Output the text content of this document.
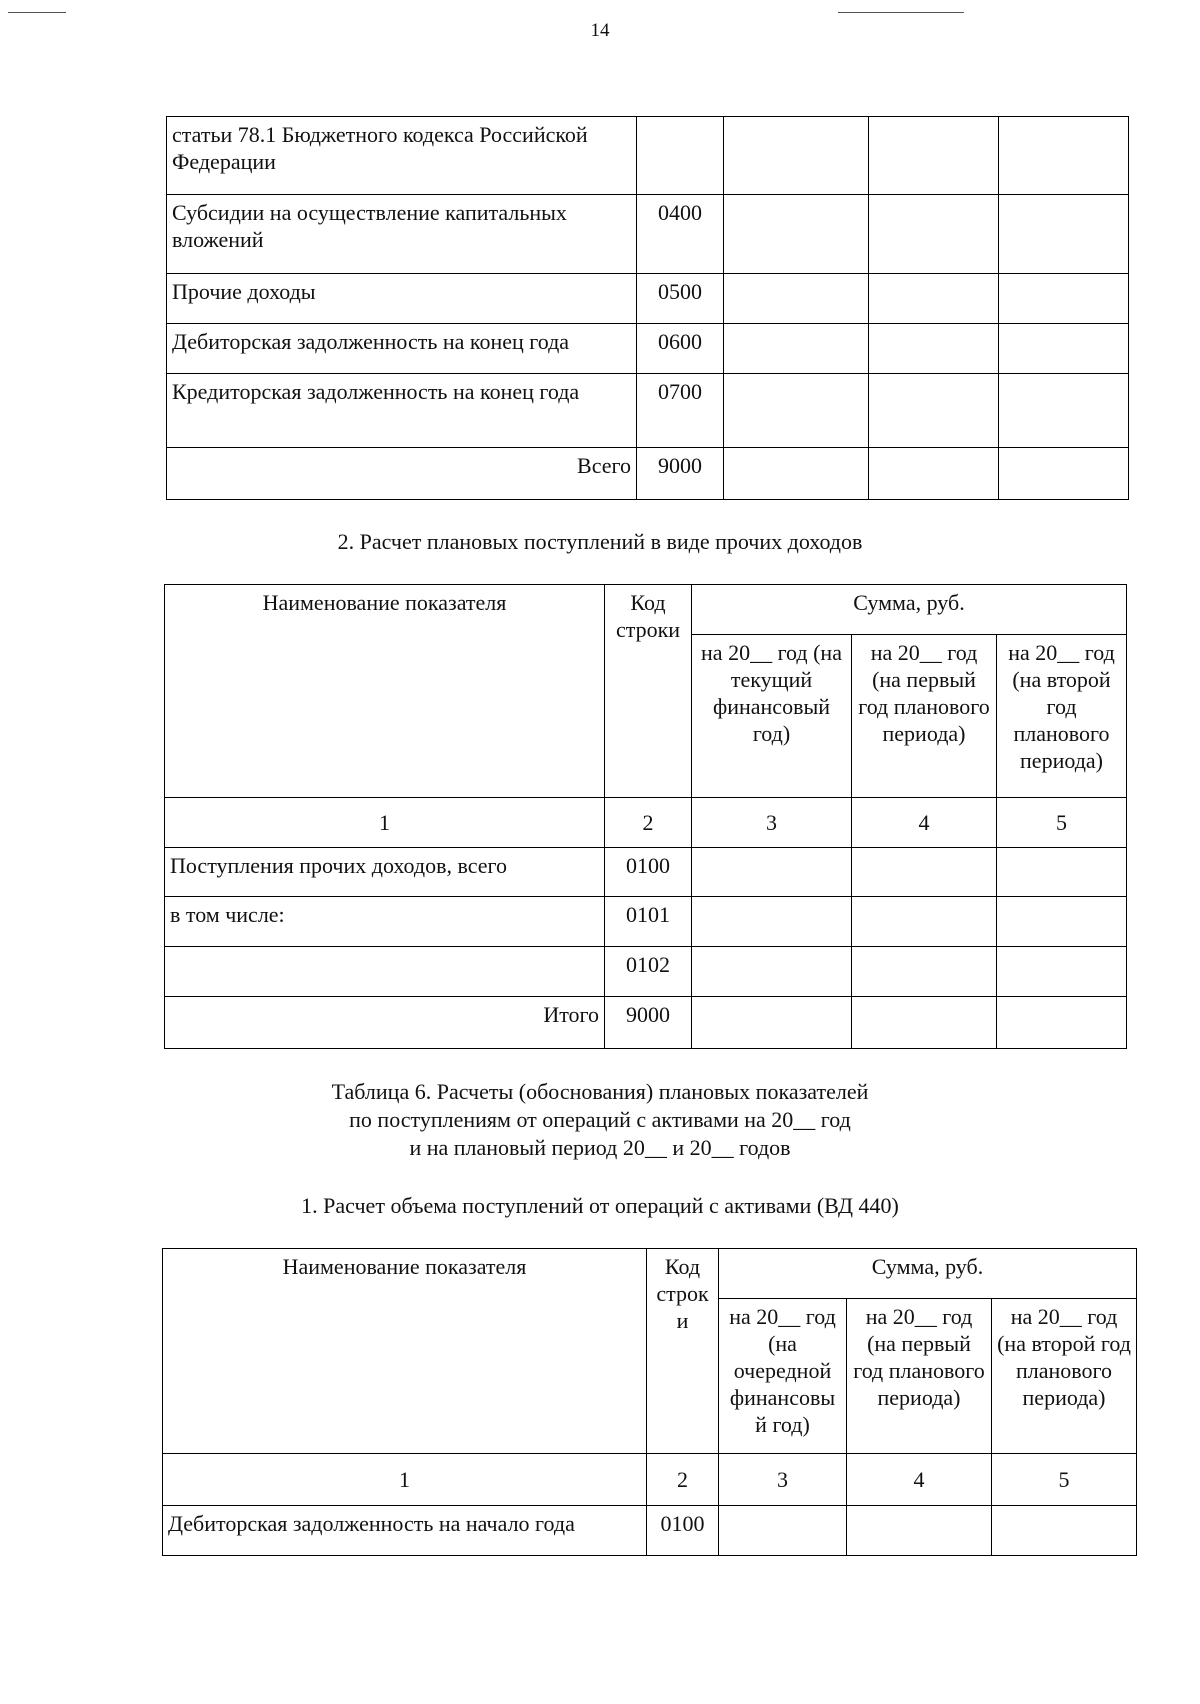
14
статьи 78.1 Бюджетного кодекса Российской Федерации				
Субсидии на осуществление капитальных вложений	0400			
Прочие доходы	0500			
Дебиторская задолженность на конец года	0600			
Кредиторская задолженность на конец года	0700			
Всего	9000			
2. Расчет плановых поступлений в виде прочих доходов
Наименование показателя	Код строки	Сумма, руб.		
		на 20__ год (на текущий финансовый год)	на 20__ год (на первый год планового периода)	на 20__ год (на второй год планового периода)
1	2	3	4	5
Поступления прочих доходов, всего	0100			
в том числе:	0101			
	0102			
Итого	9000			
Таблица 6. Расчеты (обоснования) плановых показателей
по поступлениям от операций с активами на 20__ год
и на плановый период 20__ и 20__ годов
1. Расчет объема поступлений от операций с активами (ВД 440)
Наименование показателя	Код строк и	Сумма, руб.		
		на 20__ год (на очередной финансовы й год)	на 20__ год (на первый год планового периода)	на 20__ год (на второй год планового периода)
1	2	3	4	5
Дебиторская задолженность на начало года	0100			
